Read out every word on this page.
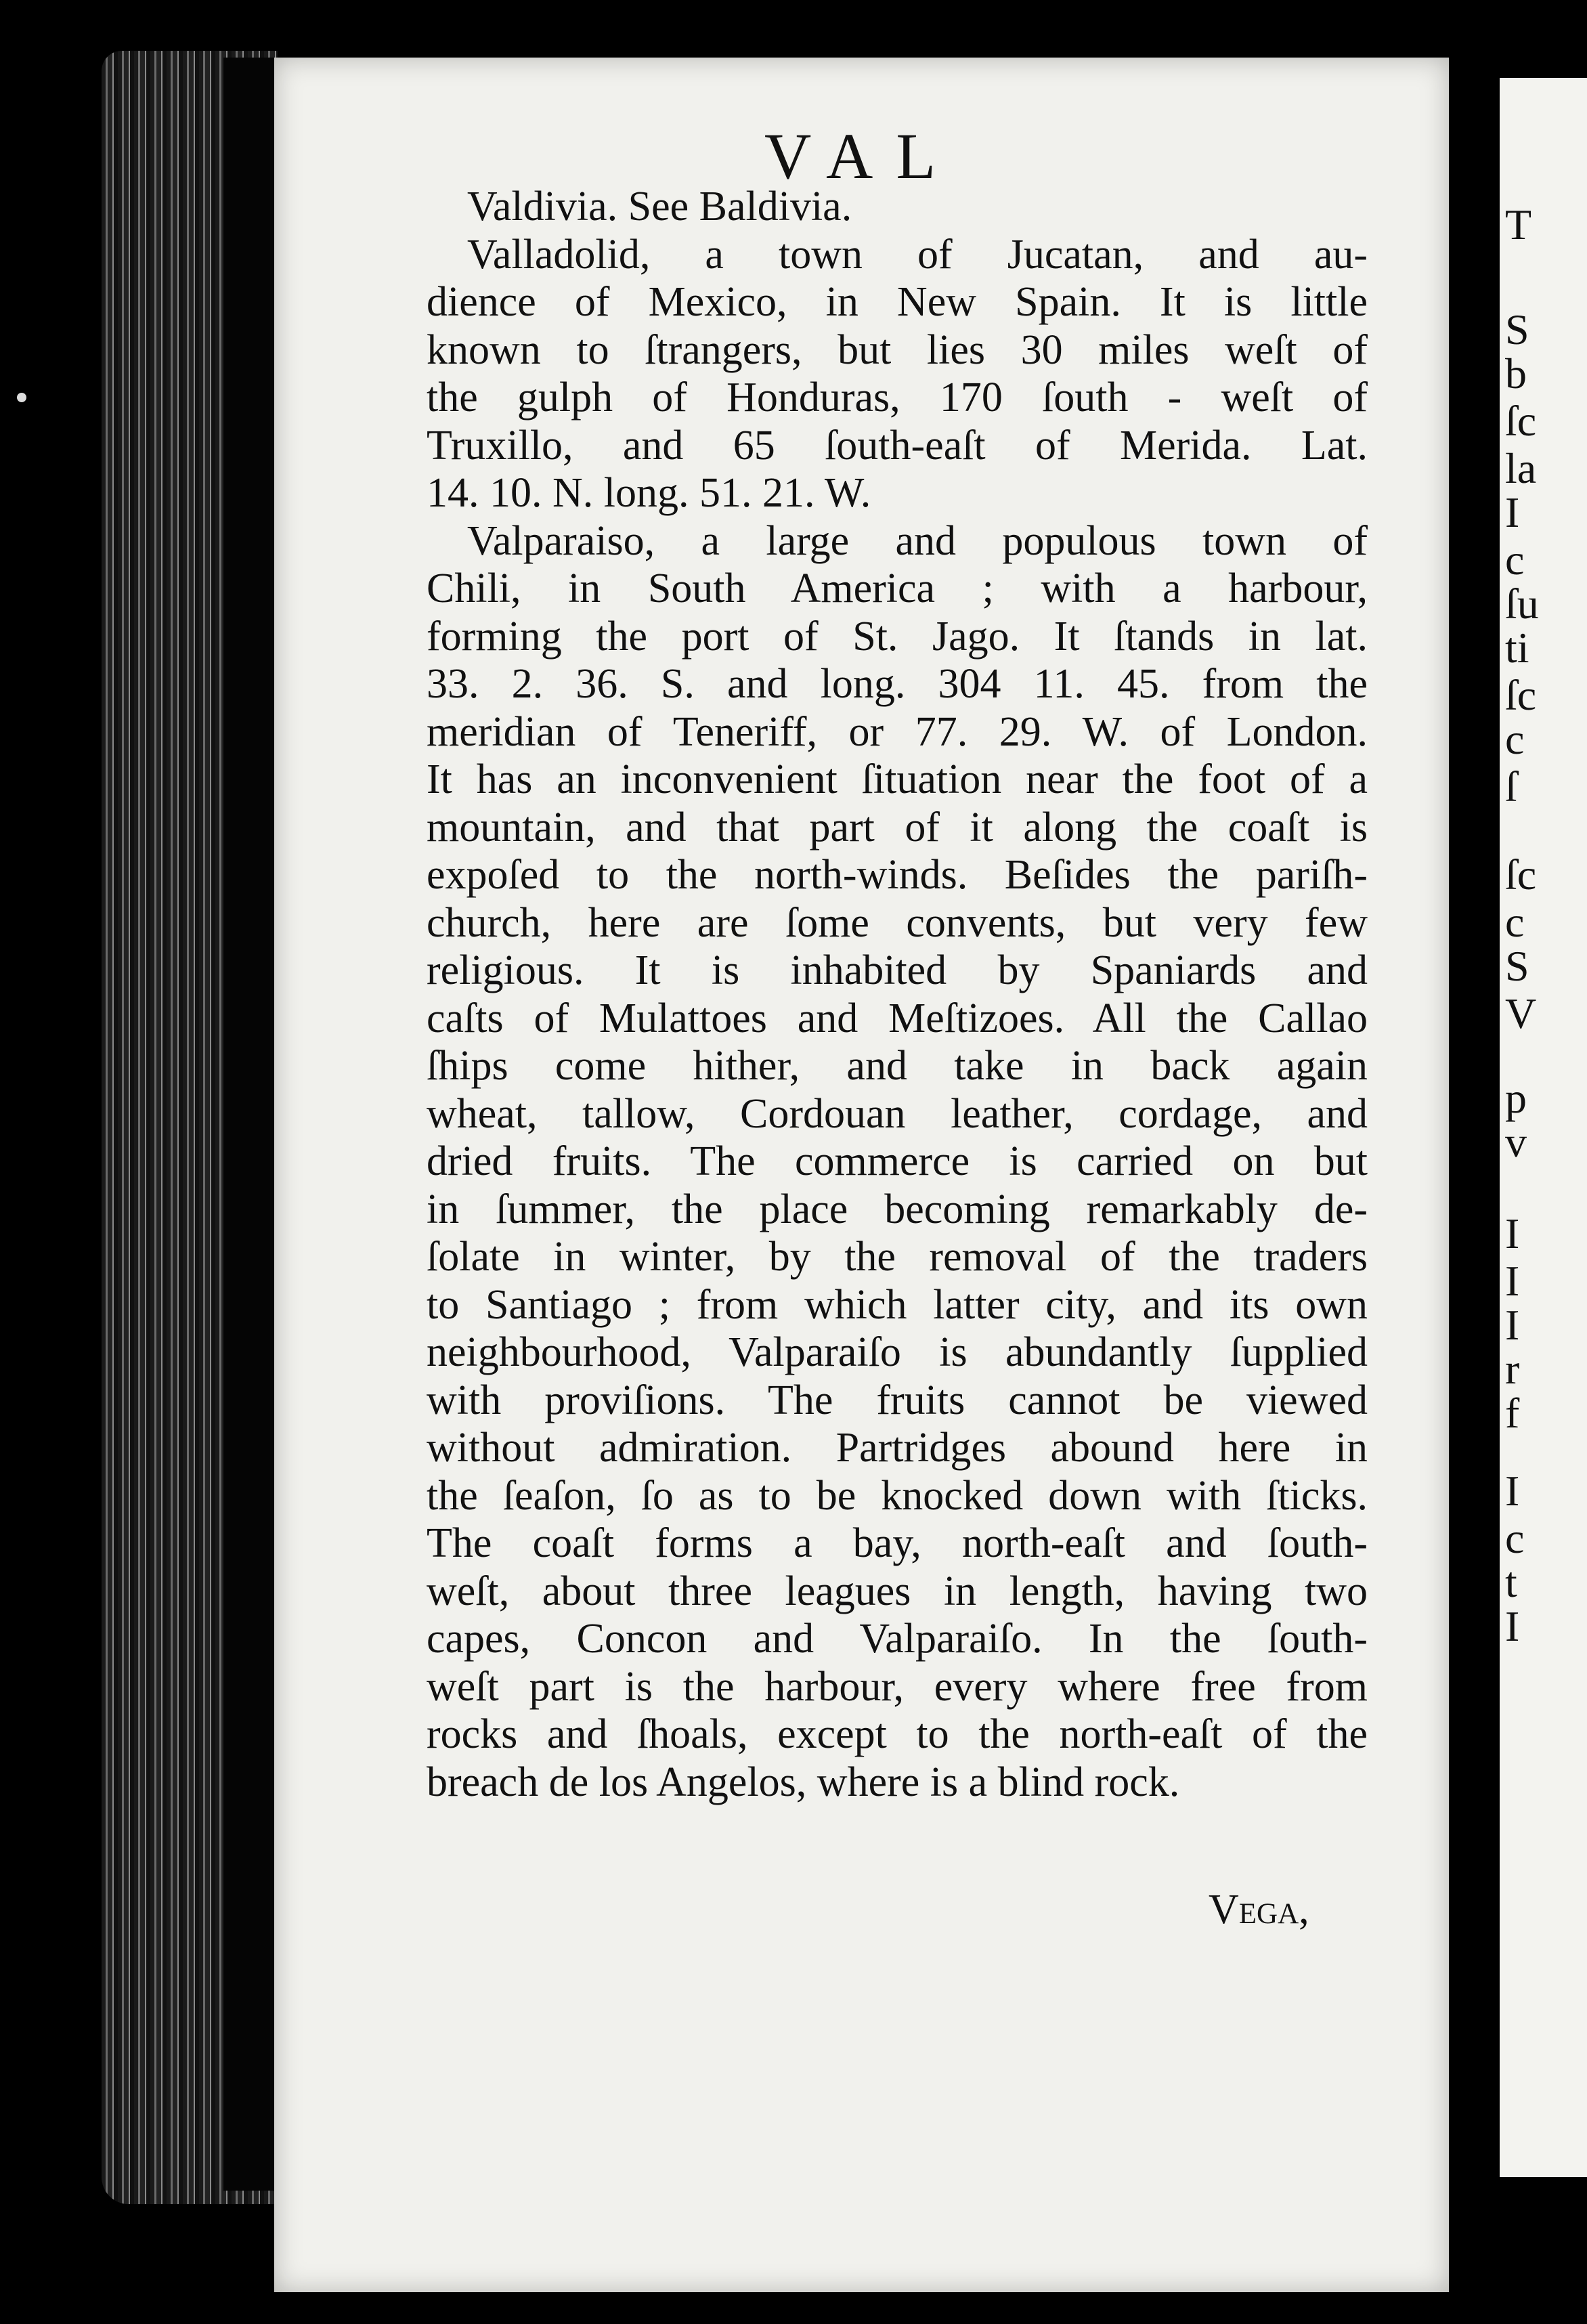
T
S
b
ſc
la
I
c
ſu
ti
ſc
c
ſ
ſc
c
S
V
p
v
I
I
I
r
f
I
c
t
I
VAL
Valdivia. See Baldivia.
Valladolid, a town of Jucatan, and au-
dience of Mexico, in New Spain. It is little
known to ſtrangers, but lies 30 miles weſt of
the gulph of Honduras, 170 ſouth - weſt of
Truxillo, and 65 ſouth-eaſt of Merida. Lat.
14. 10. N. long. 51. 21. W.
Valparaiso, a large and populous town of
Chili, in South America ; with a harbour,
forming the port of St. Jago. It ſtands in lat.
33. 2. 36. S. and long. 304 11. 45. from the
meridian of Teneriff, or 77. 29. W. of London.
It has an inconvenient ſituation near the foot of a
mountain, and that part of it along the coaſt is
expoſed to the north-winds. Beſides the pariſh-
church, here are ſome convents, but very few
religious. It is inhabited by Spaniards and
caſts of Mulattoes and Meſtizoes. All the Callao
ſhips come hither, and take in back again
wheat, tallow, Cordouan leather, cordage, and
dried fruits. The commerce is carried on but
in ſummer, the place becoming remarkably de-
ſolate in winter, by the removal of the traders
to Santiago ; from which latter city, and its own
neighbourhood, Valparaiſo is abundantly ſupplied
with proviſions. The fruits cannot be viewed
without admiration. Partridges abound here in
the ſeaſon, ſo as to be knocked down with ſticks.
The coaſt forms a bay, north-eaſt and ſouth-
weſt, about three leagues in length, having two
capes, Concon and Valparaiſo. In the ſouth-
weſt part is the harbour, every where free from
rocks and ſhoals, except to the north-eaſt of the
breach de los Angelos, where is a blind rock.
Vega,
